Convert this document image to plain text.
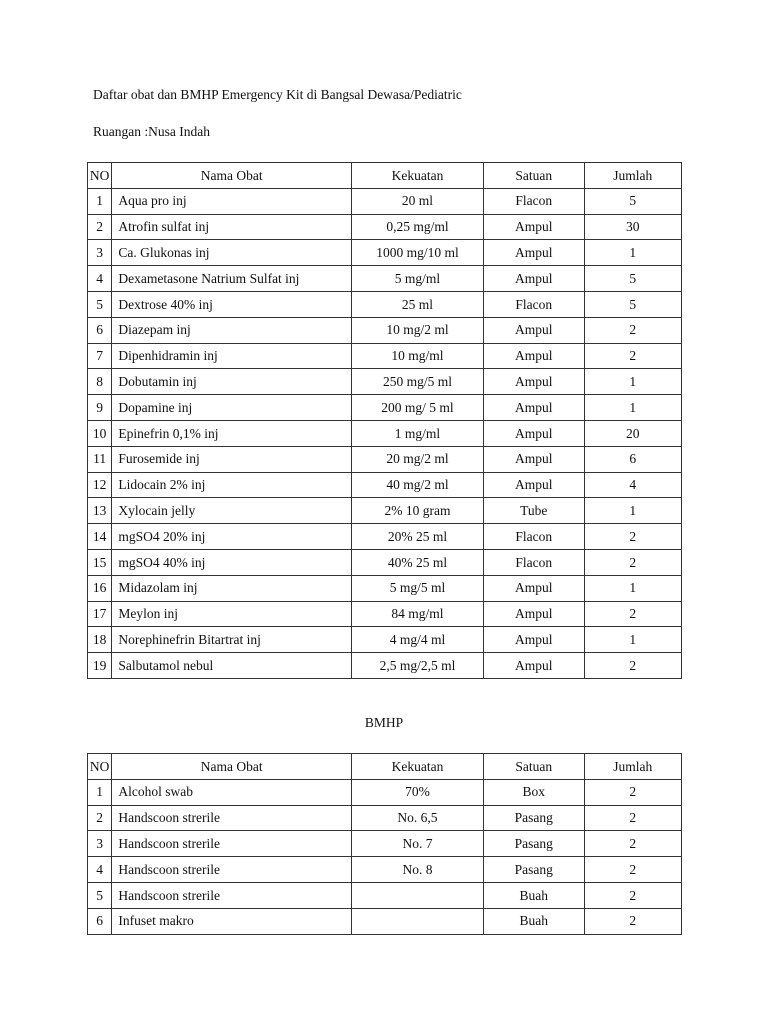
Daftar obat dan BMHP Emergency Kit di Bangsal Dewasa/Pediatric
Ruangan :Nusa Indah
NO	Nama Obat	Kekuatan	Satuan	Jumlah
1	Aqua pro inj	20 ml	Flacon	5
2	Atrofin sulfat inj	0,25 mg/ml	Ampul	30
3	Ca. Glukonas inj	1000 mg/10 ml	Ampul	1
4	Dexametasone Natrium Sulfat inj	5 mg/ml	Ampul	5
5	Dextrose 40% inj	25 ml	Flacon	5
6	Diazepam inj	10 mg/2 ml	Ampul	2
7	Dipenhidramin inj	10 mg/ml	Ampul	2
8	Dobutamin inj	250 mg/5 ml	Ampul	1
9	Dopamine inj	200 mg/ 5 ml	Ampul	1
10	Epinefrin 0,1% inj	1 mg/ml	Ampul	20
11	Furosemide inj	20 mg/2 ml	Ampul	6
12	Lidocain 2% inj	40 mg/2 ml	Ampul	4
13	Xylocain jelly	2% 10 gram	Tube	1
14	mgSO4 20% inj	20% 25 ml	Flacon	2
15	mgSO4 40% inj	40% 25 ml	Flacon	2
16	Midazolam inj	5 mg/5 ml	Ampul	1
17	Meylon inj	84 mg/ml	Ampul	2
18	Norephinefrin Bitartrat inj	4 mg/4 ml	Ampul	1
19	Salbutamol nebul	2,5 mg/2,5 ml	Ampul	2
BMHP
NO	Nama Obat	Kekuatan	Satuan	Jumlah
1	Alcohol swab	70%	Box	2
2	Handscoon strerile	No. 6,5	Pasang	2
3	Handscoon strerile	No. 7	Pasang	2
4	Handscoon strerile	No. 8	Pasang	2
5	Handscoon strerile		Buah	2
6	Infuset makro		Buah	2
